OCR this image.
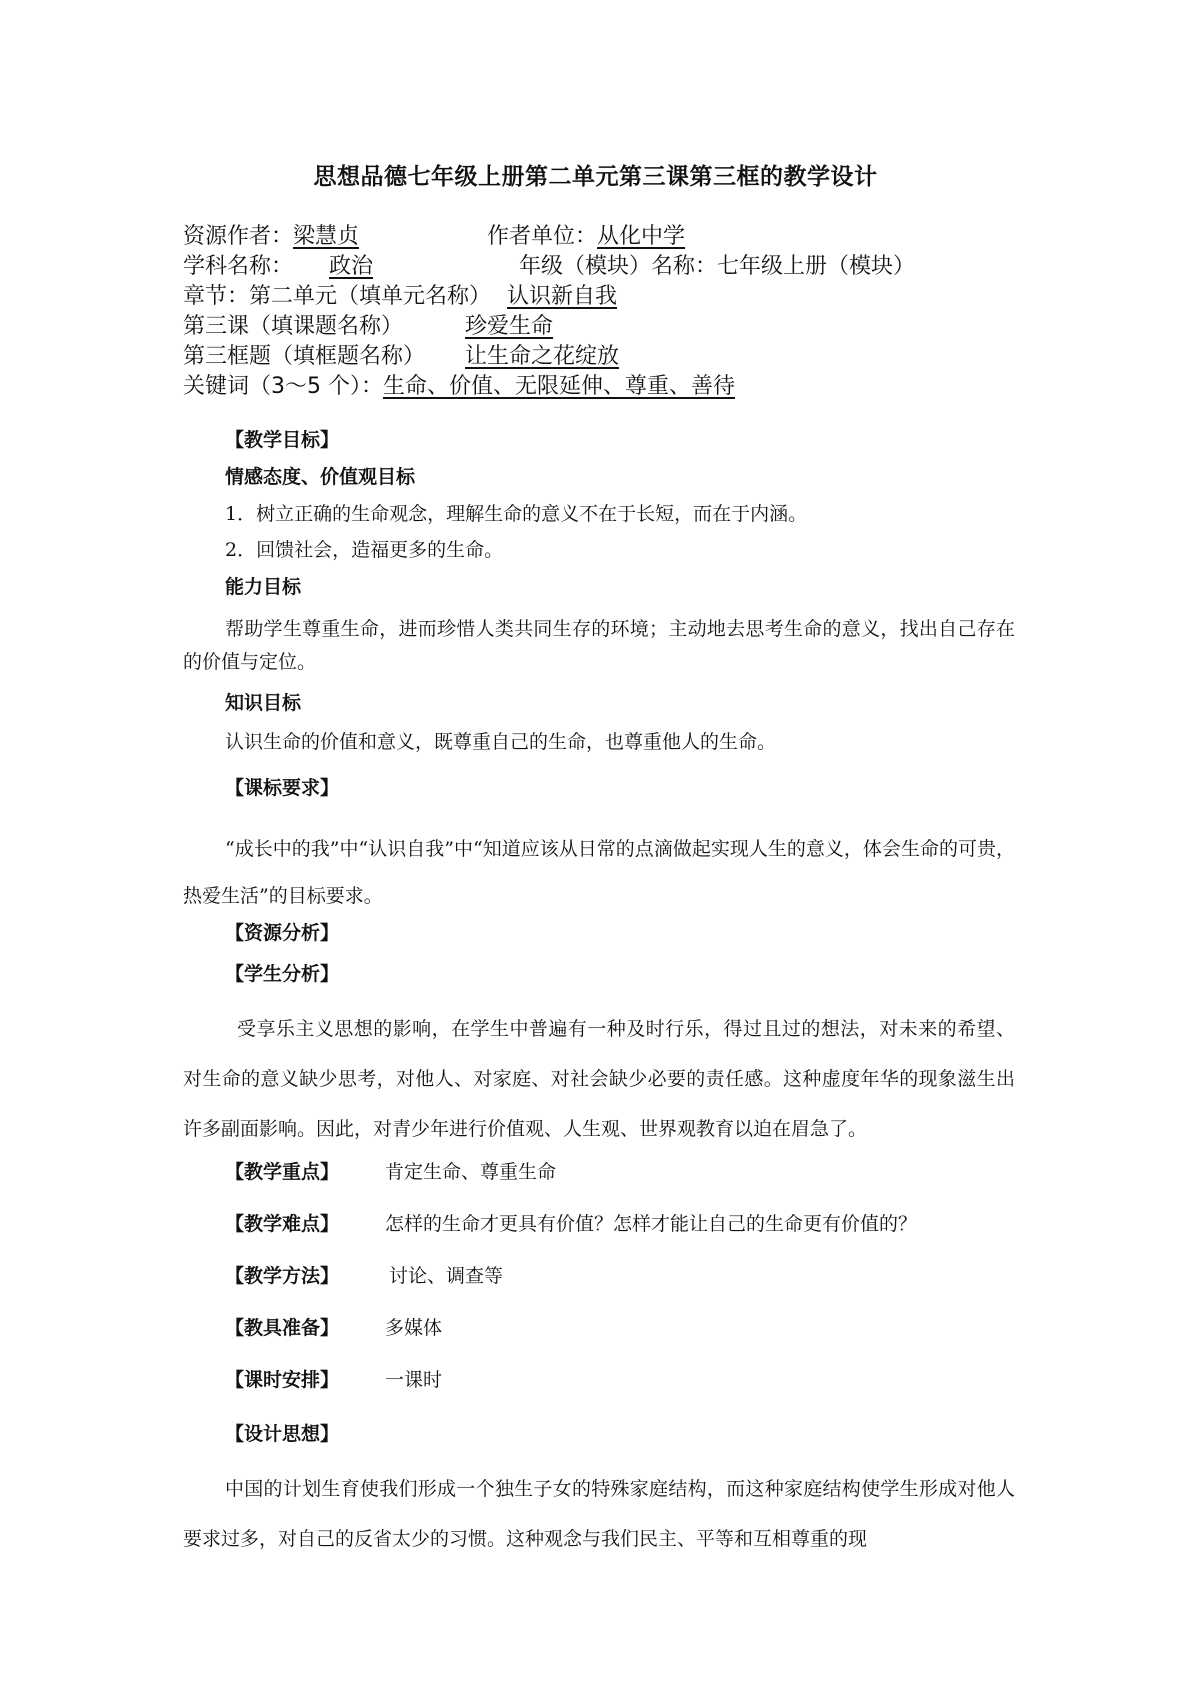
思想品德七年级上册第二单元第三课第三框的教学设计
资源作者：梁慧贞	作者单位：从化中学
学科名称： 政治	年级（模块）名称：七年级上册（模块）
章节：第二单元（填单元名称） 认识新自我
第三课（填课题名称）	珍爱生命
第三框题（填框题名称） 让生命之花绽放
关键词（3～5 个）：生命、价值、无限延伸、尊重、善待
【教学目标】
情感态度、价值观目标
1．树立正确的生命观念，理解生命的意义不在于长短，而在于内涵。
2．回馈社会，造福更多的生命。
能力目标
帮助学生尊重生命，进而珍惜人类共同生存的环境；主动地去思考生命的意义，找出自己存在的价值与定位。
知识目标
认识生命的价值和意义，既尊重自己的生命，也尊重他人的生命。
【课标要求】
“成长中的我”中“认识自我”中“知道应该从日常的点滴做起实现人生的意义，体会生命的可贵，热爱生活”的目标要求。
【资源分析】
【学生分析】
受享乐主义思想的影响，在学生中普遍有一种及时行乐，得过且过的想法，对未来的希望、对生命的意义缺少思考，对他人、对家庭、对社会缺少必要的责任感。这种虚度年华的现象滋生出许多副面影响。因此，对青少年进行价值观、人生观、世界观教育以迫在眉急了。
【教学重点】 肯定生命、尊重生命
【教学难点】 怎样的生命才更具有价值？怎样才能让自己的生命更有价值的？
【教学方法】	讨论、调查等
【教具准备】 多媒体
【课时安排】 一课时
【设计思想】
中国的计划生育使我们形成一个独生子女的特殊家庭结构，而这种家庭结构使学生形成对他人要求过多，对自己的反省太少的习惯。这种观念与我们民主、平等和互相尊重的现
